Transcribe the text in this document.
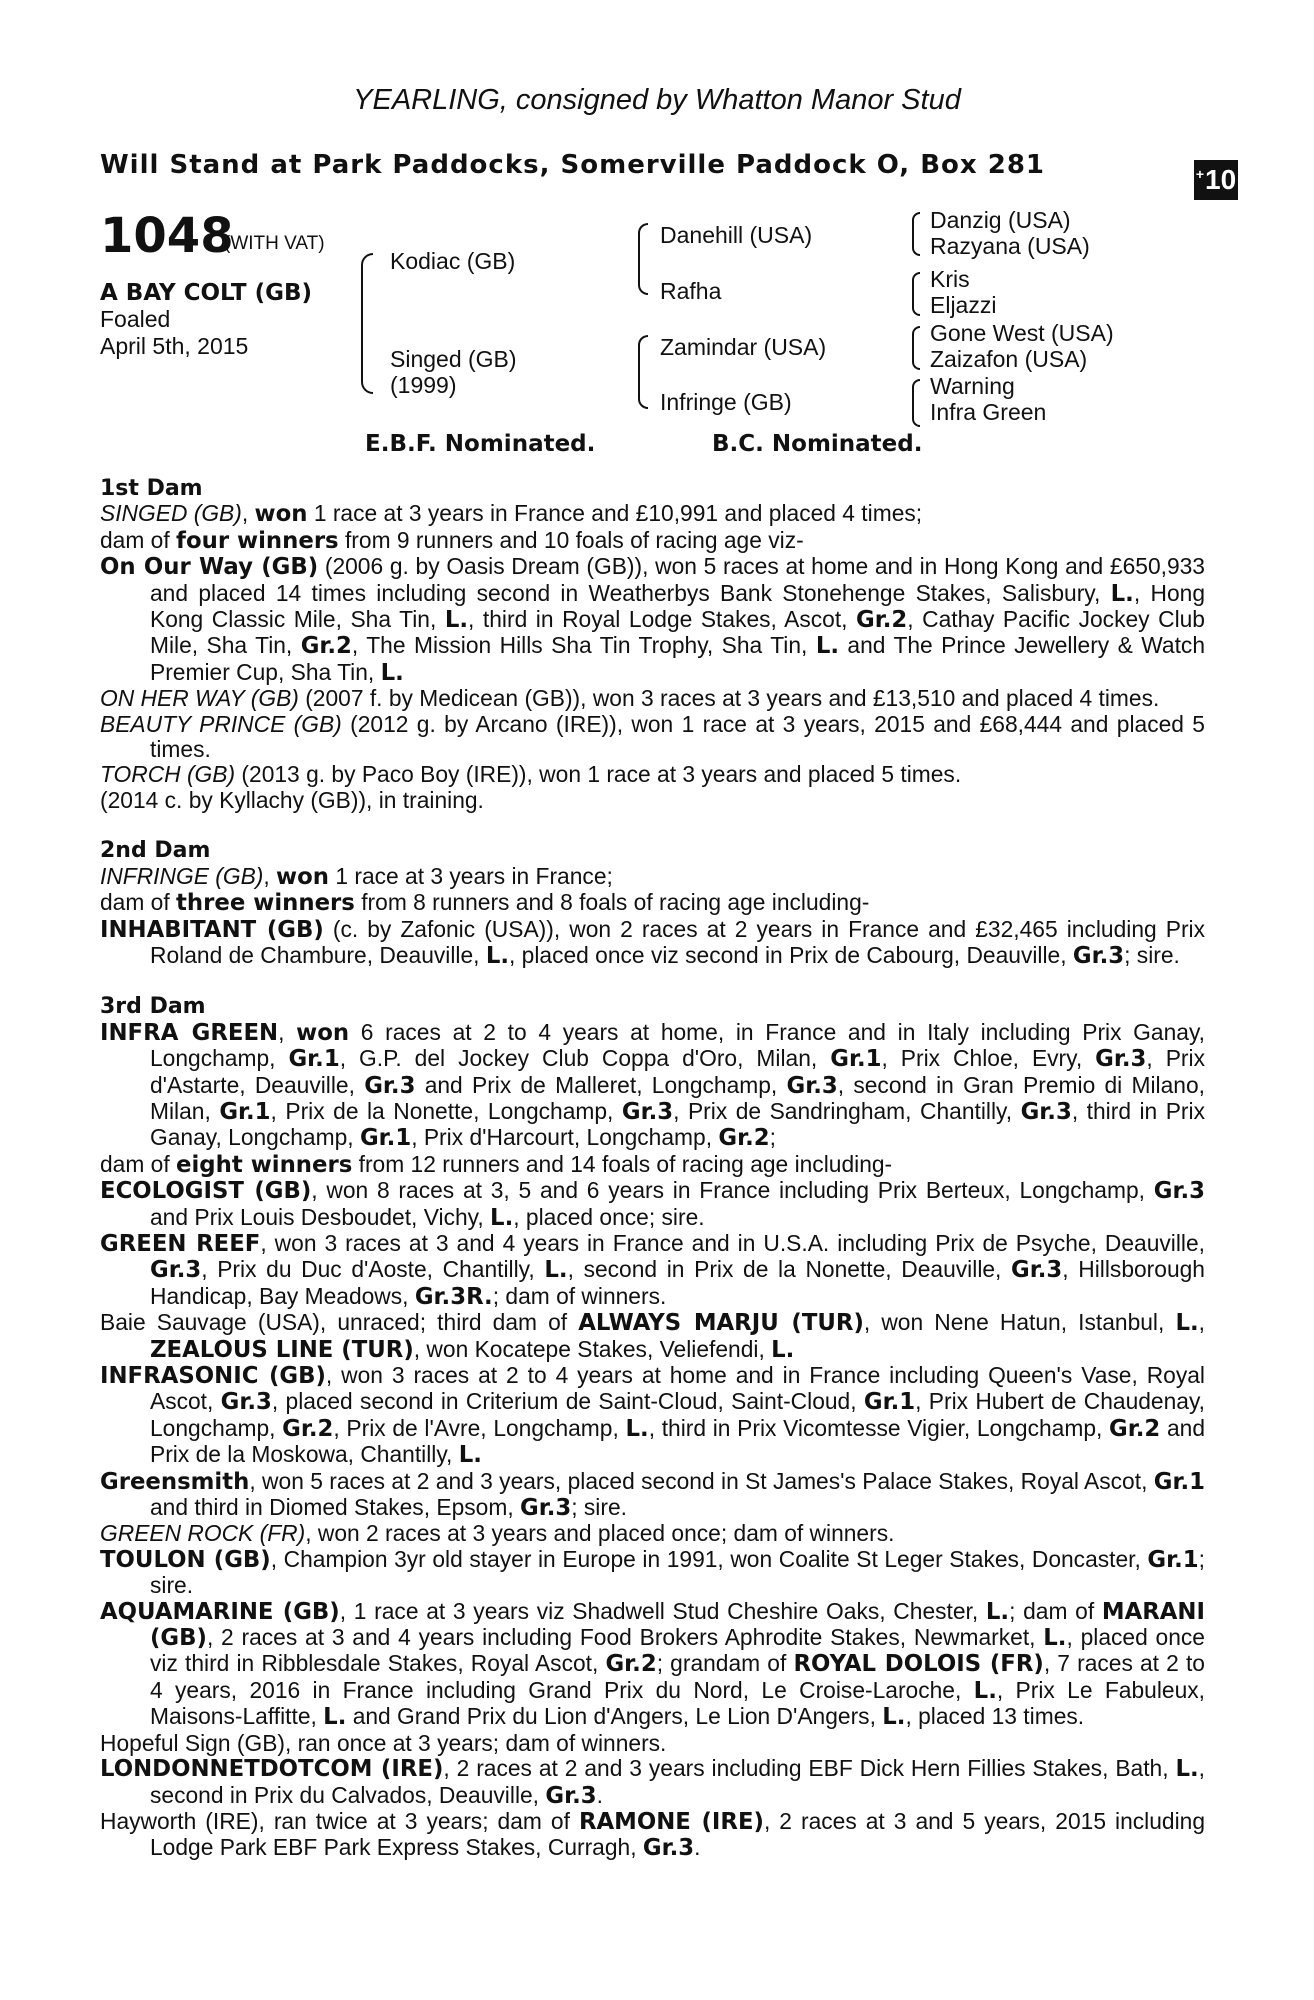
YEARLING, consigned by Whatton Manor Stud
Will Stand at Park Paddocks, Somerville Paddock O, Box 281	+ 10
1048
(WITH VAT)
A BAY COLT (GB)
Foaled
April 5th, 2015
Kodiac (GB)
Singed (GB)
(1999)
Danehill (USA)
Rafha
Zamindar (USA)
Infringe (GB)
Danzig (USA)
Razyana (USA)
Kris
Eljazzi
Gone West (USA)
Zaizafon (USA)
Warning
Infra Green
E.B.F. Nominated.	B.C. Nominated.

1st Dam

SINGED (GB), won 1 race at 3 years in France and £10,991 and placed 4 times;

dam of four winners from 9 runners and 10 foals of racing age viz-

On Our Way (GB) (2006 g. by Oasis Dream (GB)), won 5 races at home and in Hong Kong and £650,933 and placed 14 times including second in Weatherbys Bank Stonehenge Stakes, Salisbury, L., Hong Kong Classic Mile, Sha Tin, L., third in Royal Lodge Stakes, Ascot, Gr.2, Cathay Pacific Jockey Club Mile, Sha Tin, Gr.2, The Mission Hills Sha Tin Trophy, Sha Tin, L. and The Prince Jewellery & Watch Premier Cup, Sha Tin, L.

ON HER WAY (GB) (2007 f. by Medicean (GB)), won 3 races at 3 years and £13,510 and placed 4 times.

BEAUTY PRINCE (GB) (2012 g. by Arcano (IRE)), won 1 race at 3 years, 2015 and £68,444 and placed 5 times.

TORCH (GB) (2013 g. by Paco Boy (IRE)), won 1 race at 3 years and placed 5 times.

(2014 c. by Kyllachy (GB)), in training.

2nd Dam

INFRINGE (GB), won 1 race at 3 years in France;

dam of three winners from 8 runners and 8 foals of racing age including-

INHABITANT (GB) (c. by Zafonic (USA)), won 2 races at 2 years in France and £32,465 including Prix Roland de Chambure, Deauville, L., placed once viz second in Prix de Cabourg, Deauville, Gr.3; sire.

3rd Dam

INFRA GREEN, won 6 races at 2 to 4 years at home, in France and in Italy including Prix Ganay, Longchamp, Gr.1, G.P. del Jockey Club Coppa d'Oro, Milan, Gr.1, Prix Chloe, Evry, Gr.3, Prix d'Astarte, Deauville, Gr.3 and Prix de Malleret, Longchamp, Gr.3, second in Gran Premio di Milano, Milan, Gr.1, Prix de la Nonette, Longchamp, Gr.3, Prix de Sandringham, Chantilly, Gr.3, third in Prix Ganay, Longchamp, Gr.1, Prix d'Harcourt, Longchamp, Gr.2;

dam of eight winners from 12 runners and 14 foals of racing age including-

ECOLOGIST (GB), won 8 races at 3, 5 and 6 years in France including Prix Berteux, Longchamp, Gr.3 and Prix Louis Desboudet, Vichy, L., placed once; sire.

GREEN REEF, won 3 races at 3 and 4 years in France and in U.S.A. including Prix de Psyche, Deauville, Gr.3, Prix du Duc d'Aoste, Chantilly, L., second in Prix de la Nonette, Deauville, Gr.3, Hillsborough Handicap, Bay Meadows, Gr.3R.; dam of winners.

Baie Sauvage (USA), unraced; third dam of ALWAYS MARJU (TUR), won Nene Hatun, Istanbul, L., ZEALOUS LINE (TUR), won Kocatepe Stakes, Veliefendi, L.

INFRASONIC (GB), won 3 races at 2 to 4 years at home and in France including Queen's Vase, Royal Ascot, Gr.3, placed second in Criterium de Saint-Cloud, Saint-Cloud, Gr.1, Prix Hubert de Chaudenay, Longchamp, Gr.2, Prix de l'Avre, Longchamp, L., third in Prix Vicomtesse Vigier, Longchamp, Gr.2 and Prix de la Moskowa, Chantilly, L.

Greensmith, won 5 races at 2 and 3 years, placed second in St James's Palace Stakes, Royal Ascot, Gr.1 and third in Diomed Stakes, Epsom, Gr.3; sire.

GREEN ROCK (FR), won 2 races at 3 years and placed once; dam of winners.

TOULON (GB), Champion 3yr old stayer in Europe in 1991, won Coalite St Leger Stakes, Doncaster, Gr.1; sire.

AQUAMARINE (GB), 1 race at 3 years viz Shadwell Stud Cheshire Oaks, Chester, L.; dam of MARANI (GB), 2 races at 3 and 4 years including Food Brokers Aphrodite Stakes, Newmarket, L., placed once viz third in Ribblesdale Stakes, Royal Ascot, Gr.2; grandam of ROYAL DOLOIS (FR), 7 races at 2 to 4 years, 2016 in France including Grand Prix du Nord, Le Croise-Laroche, L., Prix Le Fabuleux, Maisons-Laffitte, L. and Grand Prix du Lion d'Angers, Le Lion D'Angers, L., placed 13 times.

Hopeful Sign (GB), ran once at 3 years; dam of winners.

LONDONNETDOTCOM (IRE), 2 races at 2 and 3 years including EBF Dick Hern Fillies Stakes, Bath, L., second in Prix du Calvados, Deauville, Gr.3.

Hayworth (IRE), ran twice at 3 years; dam of RAMONE (IRE), 2 races at 3 and 5 years, 2015 including Lodge Park EBF Park Express Stakes, Curragh, Gr.3.
